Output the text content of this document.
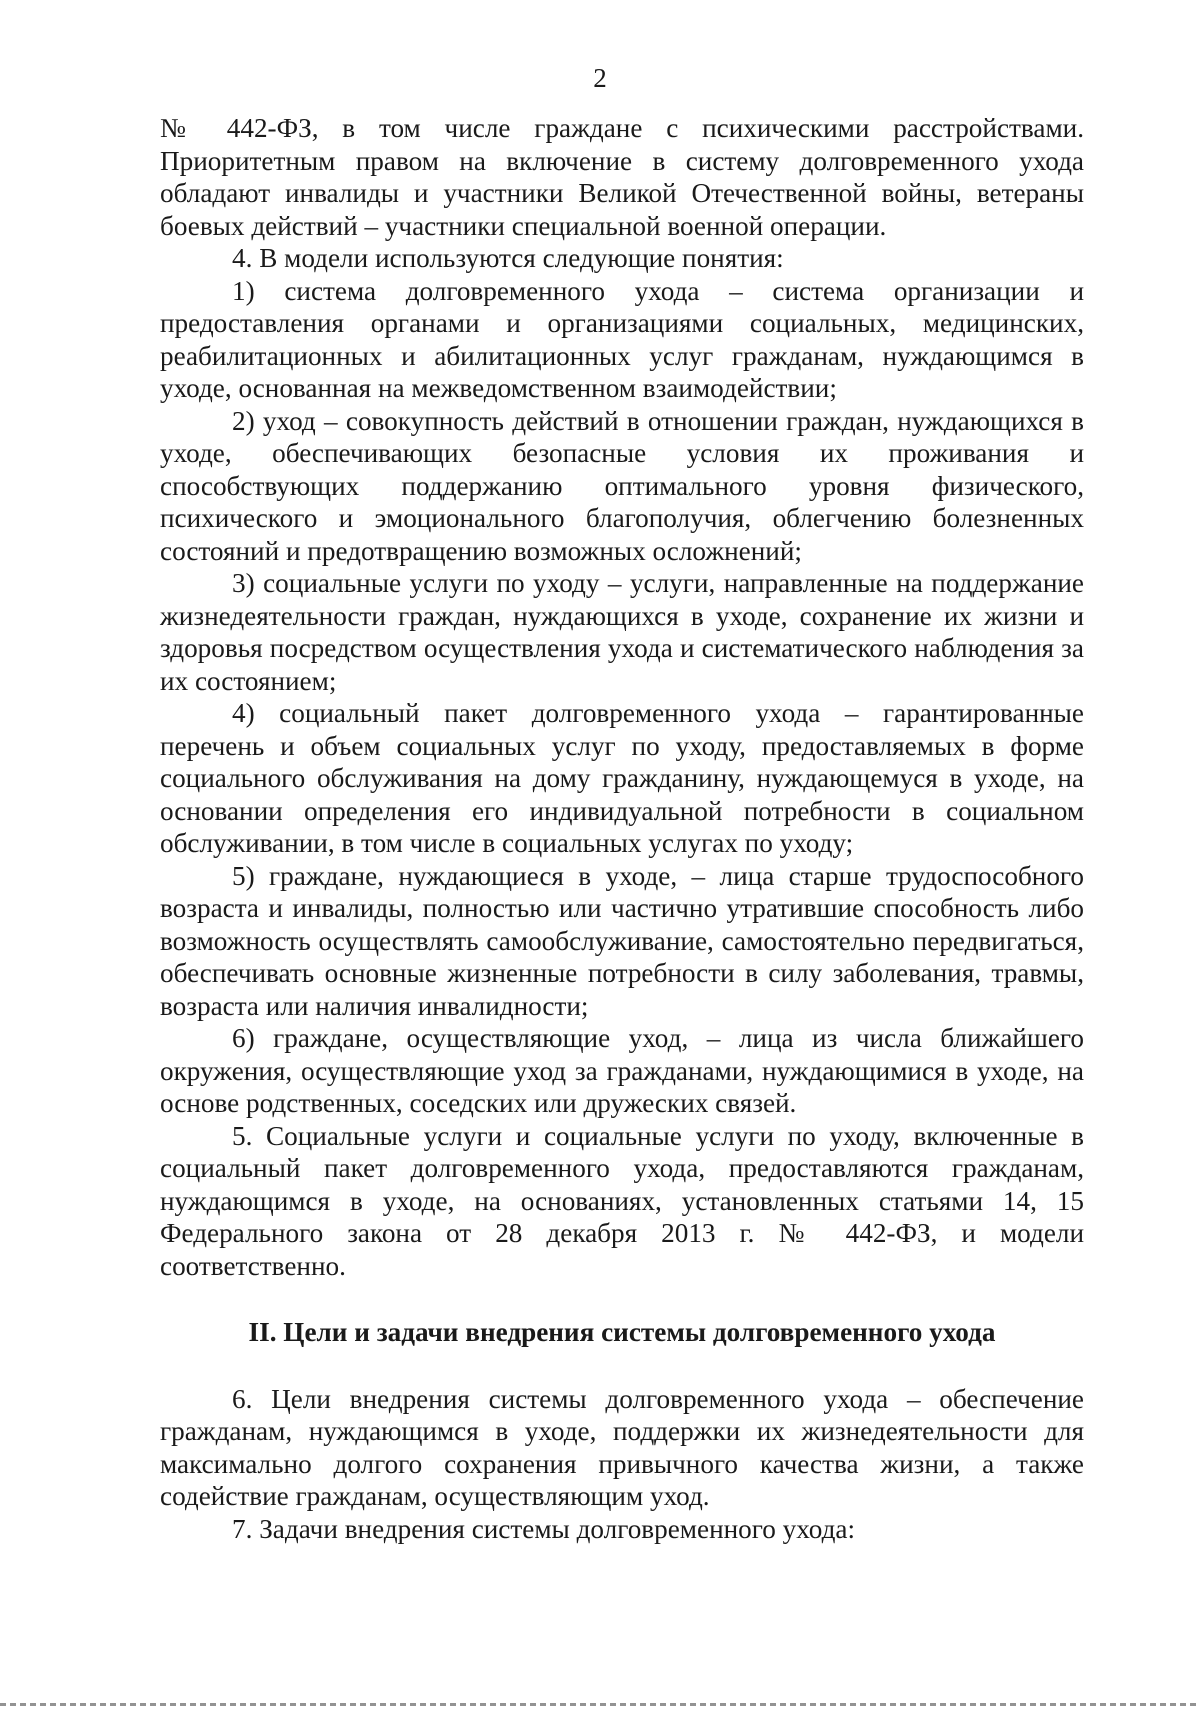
2

№ 442-ФЗ, в том числе граждане с психическими расстройствами. Приоритетным правом на включение в систему долговременного ухода обладают инвалиды и участники Великой Отечественной войны, ветераны боевых действий – участники специальной военной операции.

4. В модели используются следующие понятия:

1) система долговременного ухода – система организации и предоставления органами и организациями социальных, медицинских, реабилитационных и абилитационных услуг гражданам, нуждающимся в уходе, основанная на межведомственном взаимодействии;

2) уход – совокупность действий в отношении граждан, нуждающихся в уходе, обеспечивающих безопасные условия их проживания и способствующих поддержанию оптимального уровня физического, психического и эмоционального благополучия, облегчению болезненных состояний и предотвращению возможных осложнений;

3) социальные услуги по уходу – услуги, направленные на поддержание жизнедеятельности граждан, нуждающихся в уходе, сохранение их жизни и здоровья посредством осуществления ухода и систематического наблюдения за их состоянием;

4) социальный пакет долговременного ухода – гарантированные перечень и объем социальных услуг по уходу, предоставляемых в форме социального обслуживания на дому гражданину, нуждающемуся в уходе, на основании определения его индивидуальной потребности в социальном обслуживании, в том числе в социальных услугах по уходу;

5) граждане, нуждающиеся в уходе, – лица старше трудоспособного возраста и инвалиды, полностью или частично утратившие способность либо возможность осуществлять самообслуживание, самостоятельно передвигаться, обеспечивать основные жизненные потребности в силу заболевания, травмы, возраста или наличия инвалидности;

6) граждане, осуществляющие уход, – лица из числа ближайшего окружения, осуществляющие уход за гражданами, нуждающимися в уходе, на основе родственных, соседских или дружеских связей.

5. Социальные услуги и социальные услуги по уходу, включенные в социальный пакет долговременного ухода, предоставляются гражданам, нуждающимся в уходе, на основаниях, установленных статьями 14, 15 Федерального закона от 28 декабря 2013 г. № 442-ФЗ, и модели соответственно.

II. Цели и задачи внедрения системы долговременного ухода

6. Цели внедрения системы долговременного ухода – обеспечение гражданам, нуждающимся в уходе, поддержки их жизнедеятельности для максимально долгого сохранения привычного качества жизни, а также содействие гражданам, осуществляющим уход.

7. Задачи внедрения системы долговременного ухода:
